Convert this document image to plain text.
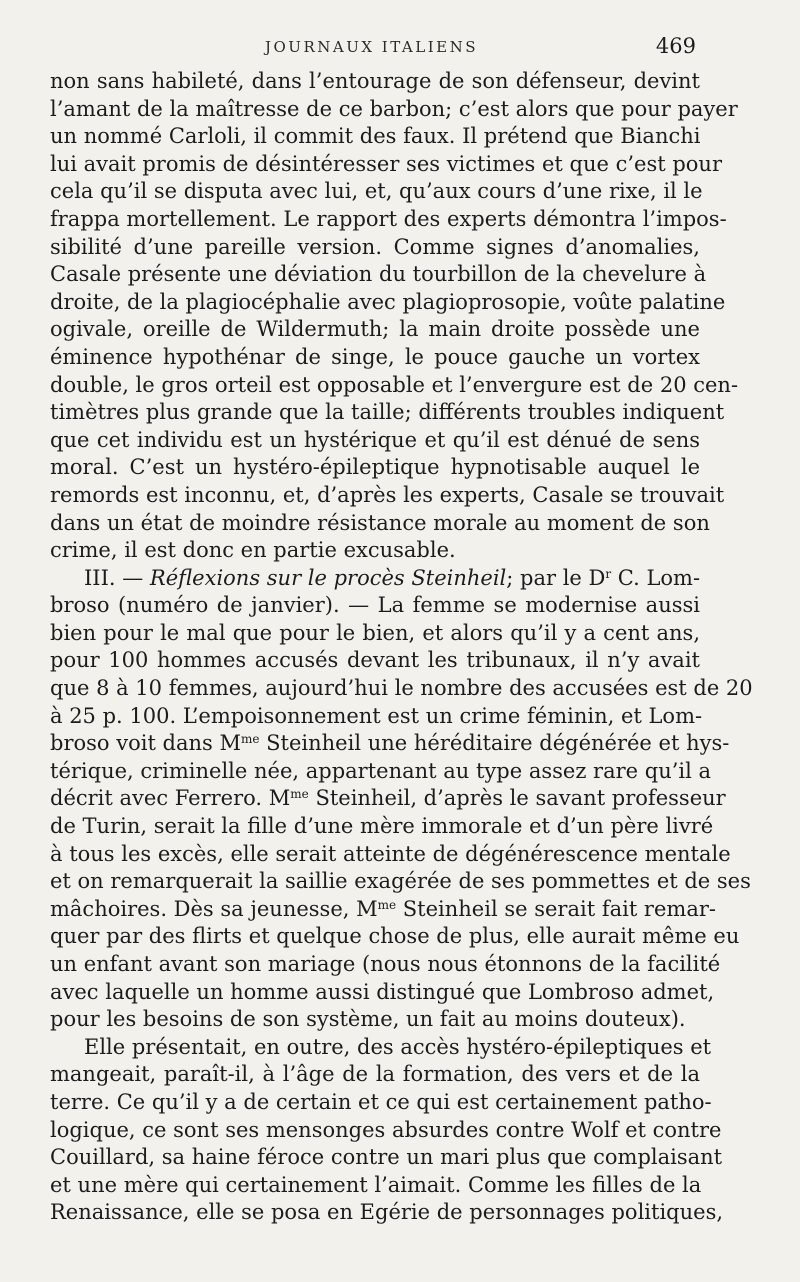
JOURNAUX ITALIENS	469
non sans habileté, dans l’entourage de son défenseur, devint
l’amant de la maîtresse de ce barbon; c’est alors que pour payer
un nommé Carloli, il commit des faux. Il prétend que Bianchi
lui avait promis de désintéresser ses victimes et que c’est pour
cela qu’il se disputa avec lui, et, qu’aux cours d’une rixe, il le
frappa mortellement. Le rapport des experts démontra l’impos-
sibilité d’une pareille version. Comme signes d’anomalies,
Casale présente une déviation du tourbillon de la chevelure à
droite, de la plagiocéphalie avec plagioprosopie, voûte palatine
ogivale, oreille de Wildermuth; la main droite possède une
éminence hypothénar de singe, le pouce gauche un vortex
double, le gros orteil est opposable et l’envergure est de 20 cen-
timètres plus grande que la taille; différents troubles indiquent
que cet individu est un hystérique et qu’il est dénué de sens
moral. C’est un hystéro-épileptique hypnotisable auquel le
remords est inconnu, et, d’après les experts, Casale se trouvait
dans un état de moindre résistance morale au moment de son
crime, il est donc en partie excusable.
III. — Réflexions sur le procès Steinheil; par le $D^r$ C. Lom-
broso (numéro de janvier). — La femme se modernise aussi
bien pour le mal que pour le bien, et alors qu’il y a cent ans,
pour 100 hommes accusés devant les tribunaux, il n’y avait
que 8 à 10 femmes, aujourd’hui le nombre des accusées est de 20
à 25 p. 100. L’empoisonnement est un crime féminin, et Lom-
broso voit dans $M^{me}$ Steinheil une héréditaire dégénérée et hys-
térique, criminelle née, appartenant au type assez rare qu’il a
décrit avec Ferrero. $M^{me}$ Steinheil, d’après le savant professeur
de Turin, serait la fille d’une mère immorale et d’un père livré
à tous les excès, elle serait atteinte de dégénérescence mentale
et on remarquerait la saillie exagérée de ses pommettes et de ses
mâchoires. Dès sa jeunesse, $M^{me}$ Steinheil se serait fait remar-
quer par des flirts et quelque chose de plus, elle aurait même eu
un enfant avant son mariage (nous nous étonnons de la facilité
avec laquelle un homme aussi distingué que Lombroso admet,
pour les besoins de son système, un fait au moins douteux).
Elle présentait, en outre, des accès hystéro-épileptiques et
mangeait, paraît-il, à l’âge de la formation, des vers et de la
terre. Ce qu’il y a de certain et ce qui est certainement patho-
logique, ce sont ses mensonges absurdes contre Wolf et contre
Couillard, sa haine féroce contre un mari plus que complaisant
et une mère qui certainement l’aimait. Comme les filles de la
Renaissance, elle se posa en Egérie de personnages politiques,
